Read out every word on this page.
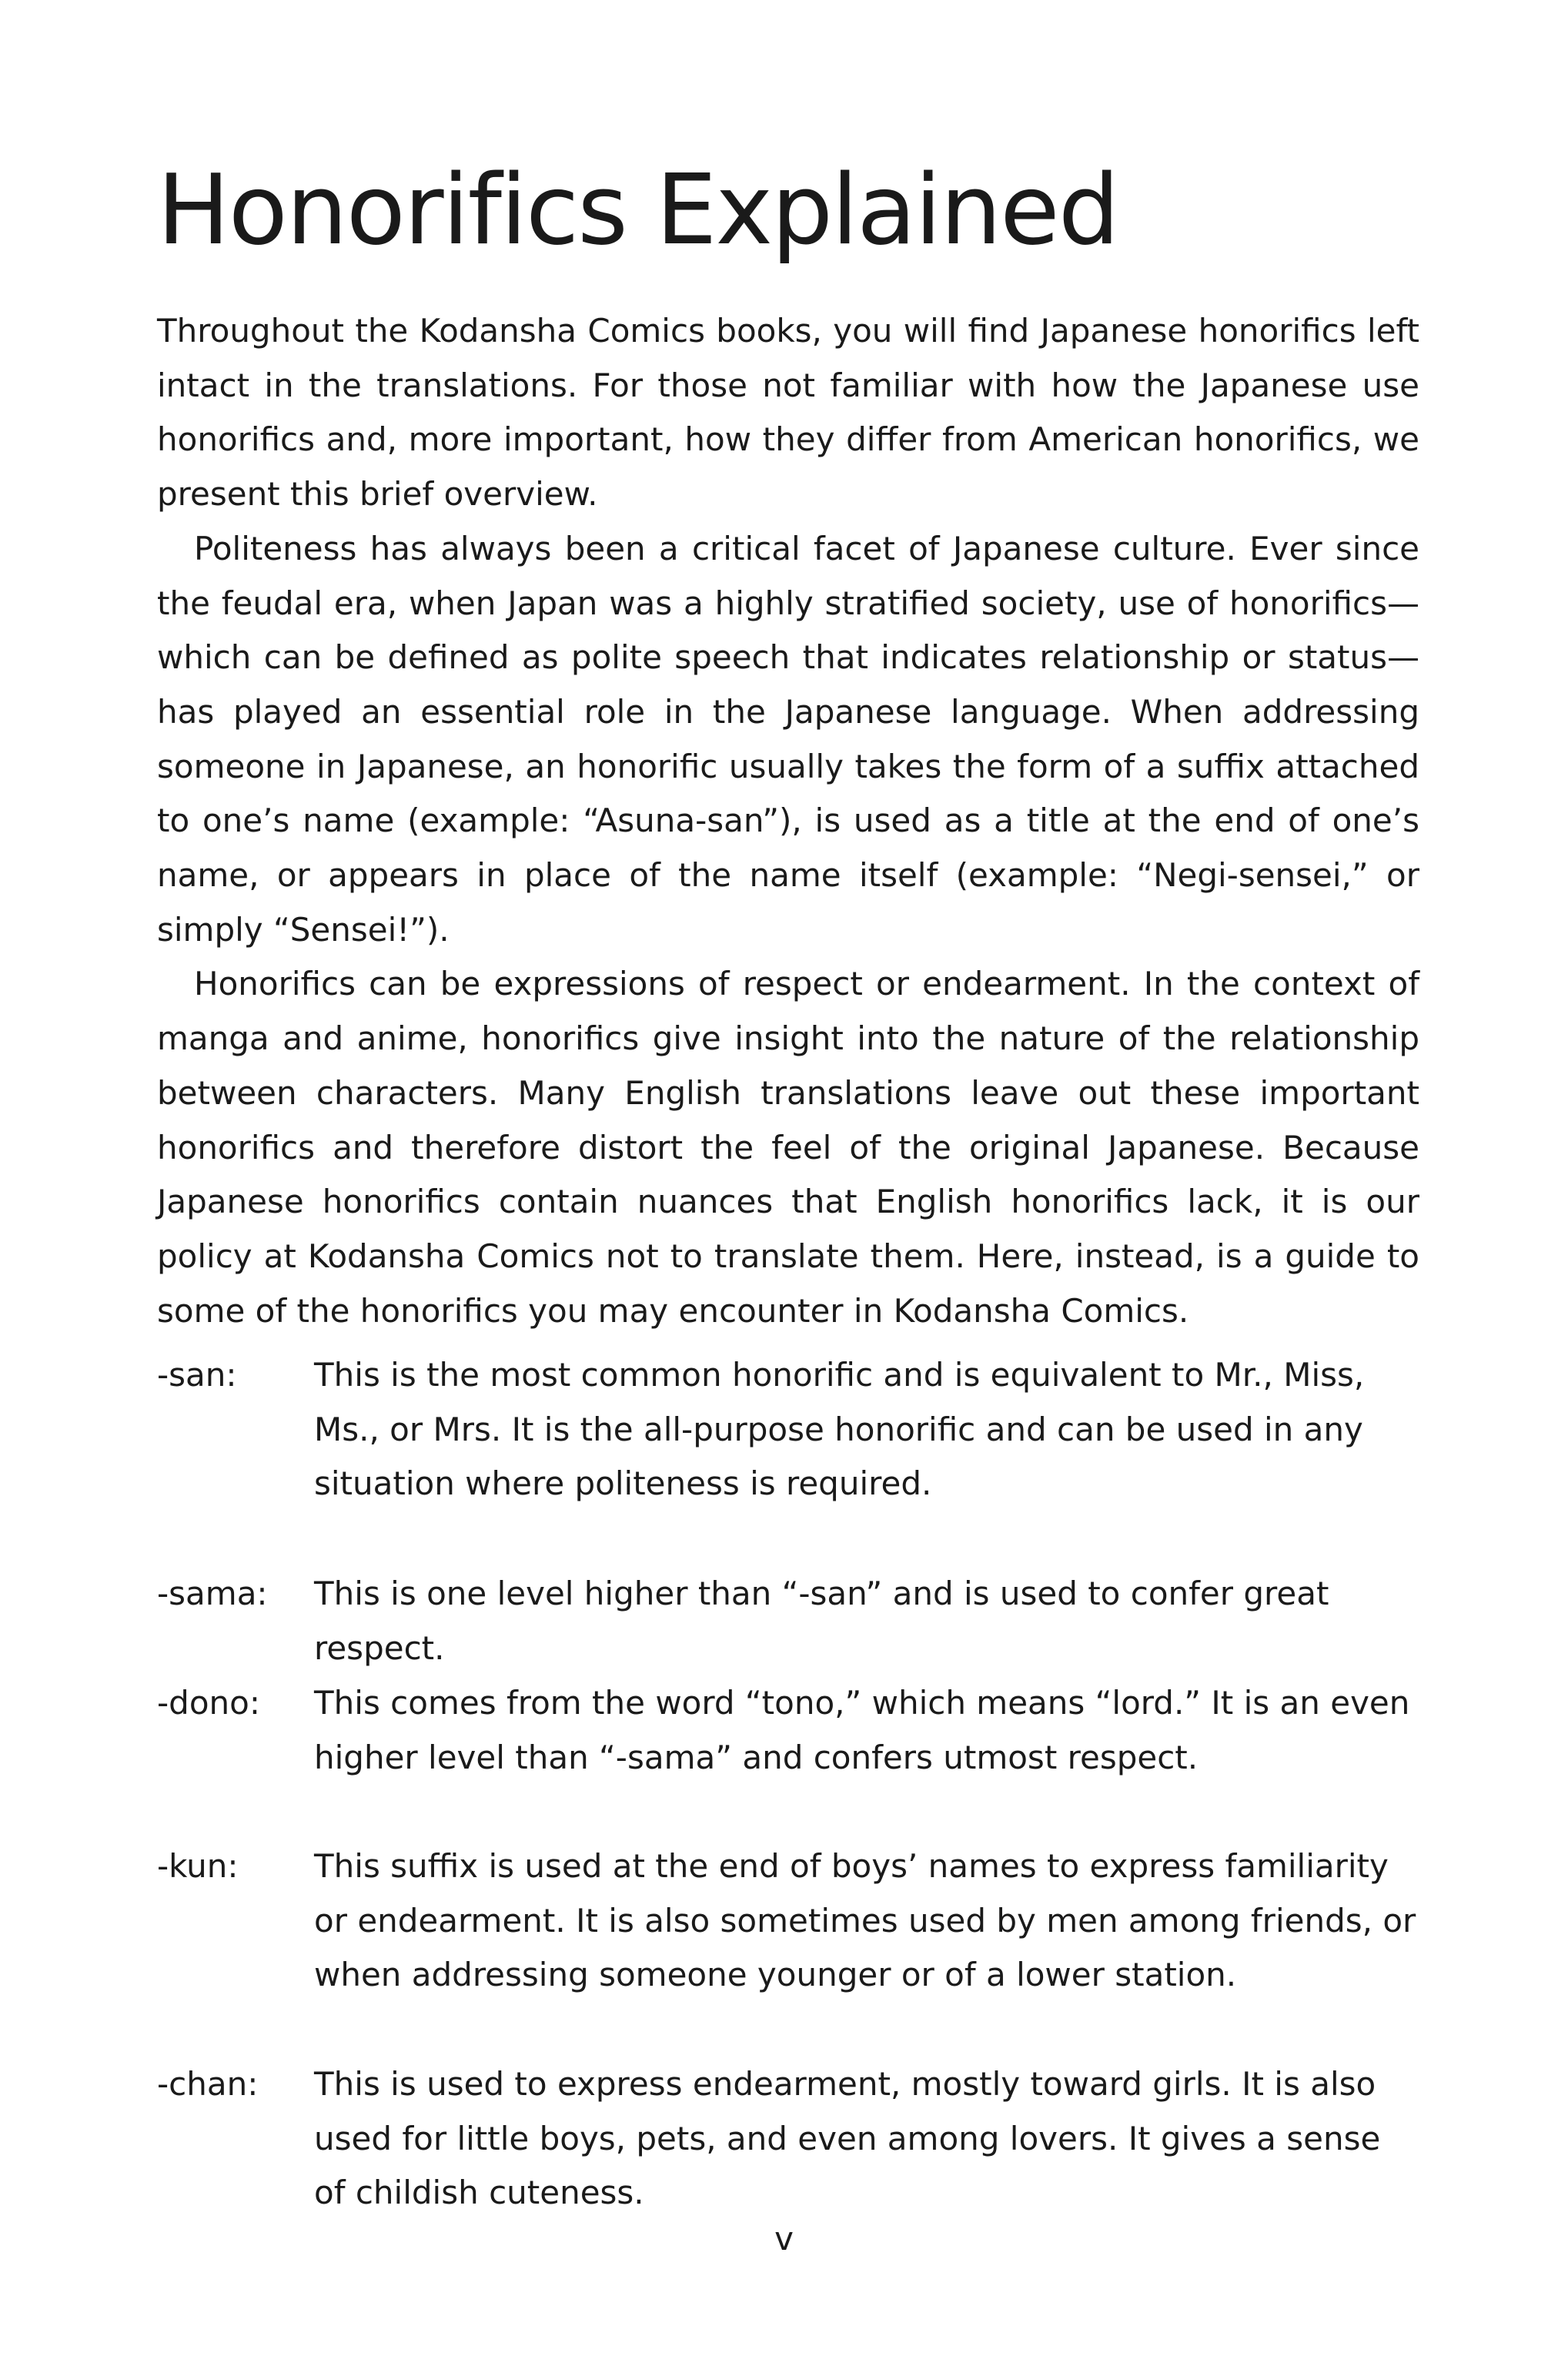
Honorifics Explained

Throughout the Kodansha Comics books, you will find Japanese honorifics left intact in the translations. For those not familiar with how the Japanese use honorifics and, more important, how they differ from American honorifics, we present this brief overview.

Politeness has always been a critical facet of Japanese culture. Ever since the feudal era, when Japan was a highly stratified society, use of honorifics—which can be defined as polite speech that indicates relationship or status—has played an essential role in the Japanese language. When addressing someone in Japanese, an honorific usually takes the form of a suffix attached to one’s name (example: “Asuna-san”), is used as a title at the end of one’s name, or appears in place of the name itself (example: “Negi-sensei,” or simply “Sensei!”).

Honorifics can be expressions of respect or endearment. In the context of manga and anime, honorifics give insight into the nature of the relationship between characters. Many English translations leave out these important honorifics and therefore distort the feel of the original Japanese. Because Japanese honorifics contain nuances that English honorifics lack, it is our policy at Kodansha Comics not to translate them. Here, instead, is a guide to some of the honorifics you may encounter in Kodansha Comics.

-san:	This is the most common honorific and is equivalent to Mr., Miss, Ms., or Mrs. It is the all-purpose honorific and can be used in any situation where politeness is required.
-sama:	This is one level higher than “-san” and is used to confer great respect.
-dono:	This comes from the word “tono,” which means “lord.” It is an even higher level than “-sama” and confers utmost respect.
-kun:	This suffix is used at the end of boys’ names to express familiarity or endearment. It is also sometimes used by men among friends, or when addressing someone younger or of a lower station.
-chan:	This is used to express endearment, mostly toward girls. It is also used for little boys, pets, and even among lovers. It gives a sense of childish cuteness.
v
